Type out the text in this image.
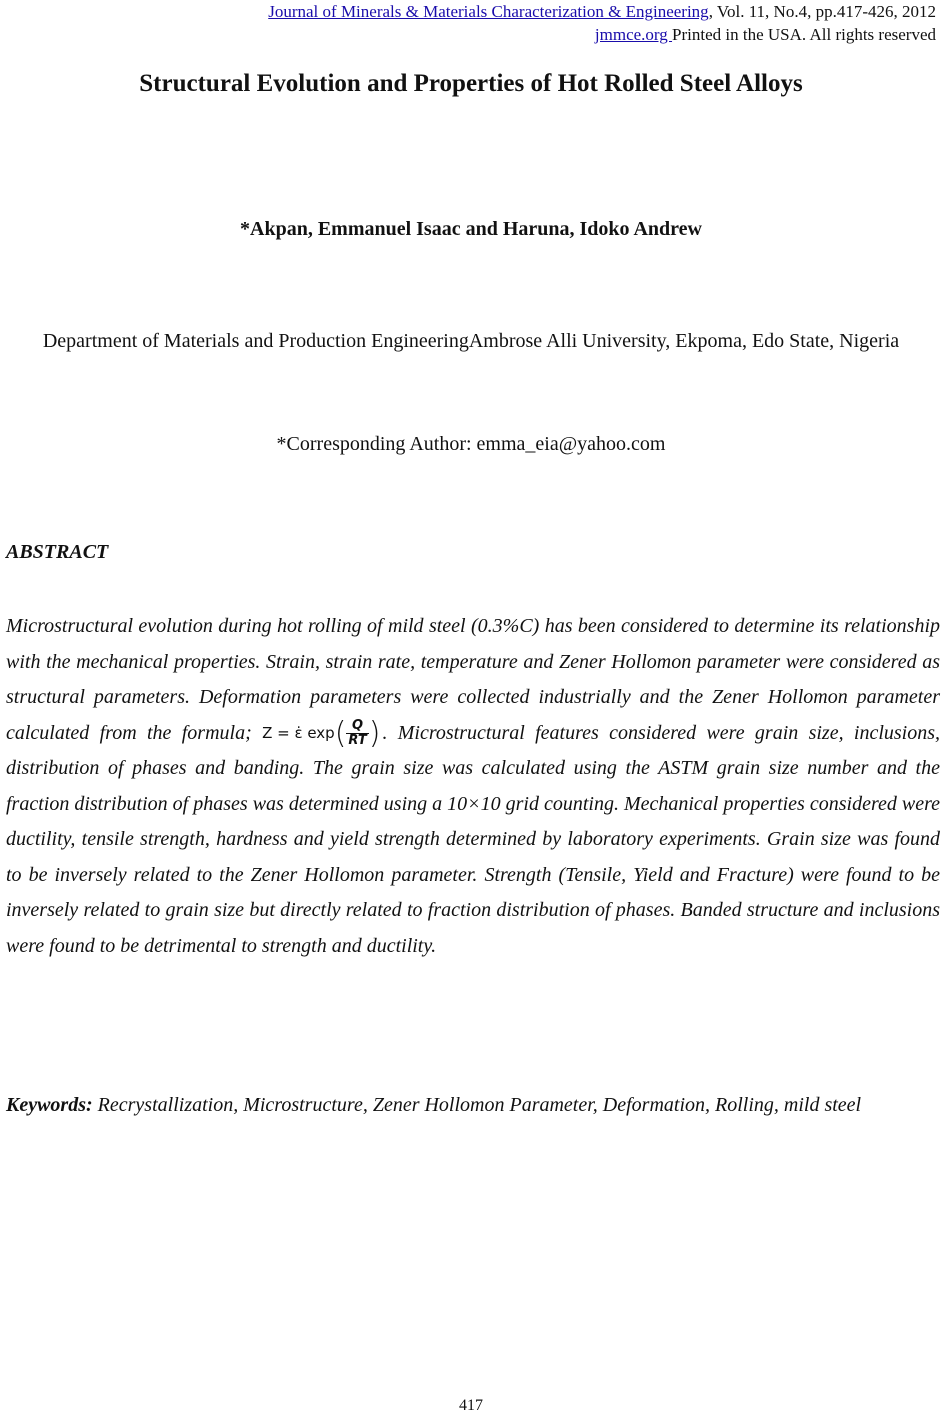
Journal of Minerals & Materials Characterization & Engineering, Vol. 11, No.4, pp.417-426, 2012
jmmce.org Printed in the USA. All rights reserved
Structural Evolution and Properties of Hot Rolled Steel Alloys
*Akpan, Emmanuel Isaac and Haruna, Idoko Andrew
Department of Materials and Production EngineeringAmbrose Alli University, Ekpoma, Edo State, Nigeria
*Corresponding Author: emma_eia@yahoo.com
ABSTRACT
Microstructural evolution during hot rolling of mild steel (0.3%C) has been considered to determine its relationship with the mechanical properties. Strain, strain rate, temperature and Zener Hollomon parameter were considered as structural parameters. Deformation parameters were collected industrially and the Zener Hollomon parameter calculated from the formula; Z = ε̇ exp ( $\frac{Q}{RT}$ ) . Microstructural features considered were grain size, inclusions, distribution of phases and banding. The grain size was calculated using the ASTM grain size number and the fraction distribution of phases was determined using a 10×10 grid counting. Mechanical properties considered were ductility, tensile strength, hardness and yield strength determined by laboratory experiments. Grain size was found to be inversely related to the Zener Hollomon parameter. Strength (Tensile, Yield and Fracture) were found to be inversely related to grain size but directly related to fraction distribution of phases. Banded structure and inclusions were found to be detrimental to strength and ductility.
Keywords: Recrystallization, Microstructure, Zener Hollomon Parameter, Deformation, Rolling, mild steel
417
